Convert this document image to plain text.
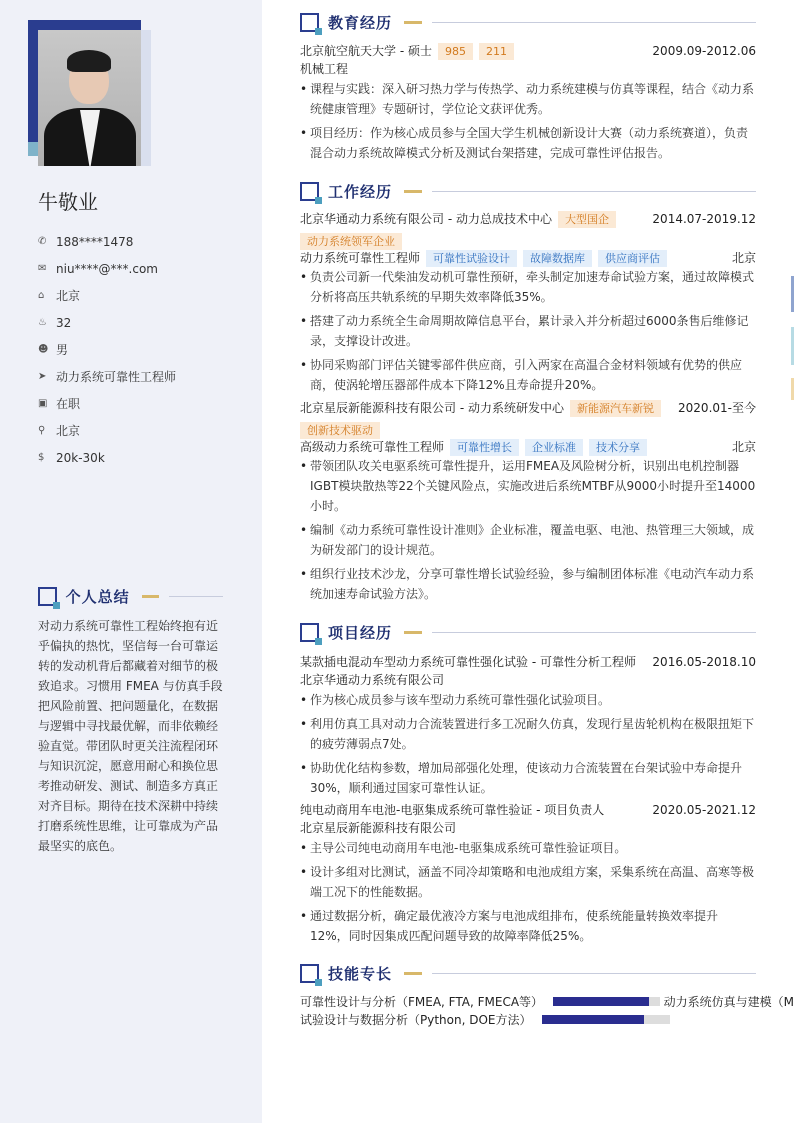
牛敬业
✆ 188****1478
✉ niu****@***.com
⌂ 北京
♨ 32
☻ 男
➤ 动力系统可靠性工程师
▣ 在职
⚲ 北京
$ 20k-30k
个人总结
对动力系统可靠性工程始终抱有近乎偏执的热忱，坚信每一台可靠运转的发动机背后都藏着对细节的极致追求。习惯用 FMEA 与仿真手段把风险前置、把问题量化，在数据与逻辑中寻找最优解，而非依赖经验直觉。带团队时更关注流程闭环与知识沉淀，愿意用耐心和换位思考推动研发、测试、制造多方真正对齐目标。期待在技术深耕中持续打磨系统性思维，让可靠成为产品最坚实的底色。
教育经历
北京航空航天大学 - 硕士 985 211	2009.09-2012.06
机械工程
• 课程与实践：深入研习热力学与传热学、动力系统建模与仿真等课程，结合《动力系统健康管理》专题研讨，学位论文获评优秀。
• 项目经历：作为核心成员参与全国大学生机械创新设计大赛（动力系统赛道），负责混合动力系统故障模式分析及测试台架搭建，完成可靠性评估报告。
工作经历
北京华通动力系统有限公司 - 动力总成技术中心 大型国企	2014.07-2019.12
动力系统领军企业
动力系统可靠性工程师 可靠性试验设计 故障数据库 供应商评估	北京
• 负责公司新一代柴油发动机可靠性预研，牵头制定加速寿命试验方案，通过故障模式分析将高压共轨系统的早期失效率降低35%。
• 搭建了动力系统全生命周期故障信息平台，累计录入并分析超过6000条售后维修记录，支撑设计改进。
• 协同采购部门评估关键零部件供应商，引入两家在高温合金材料领域有优势的供应商，使涡轮增压器部件成本下降12%且寿命提升20%。
北京星辰新能源科技有限公司 - 动力系统研发中心 新能源汽车新锐	2020.01-至今
创新技术驱动
高级动力系统可靠性工程师 可靠性增长 企业标准 技术分享	北京
• 带领团队攻关电驱系统可靠性提升，运用FMEA及风险树分析，识别出电机控制器IGBT模块散热等22个关键风险点，实施改进后系统MTBF从9000小时提升至14000小时。
• 编制《动力系统可靠性设计准则》企业标准，覆盖电驱、电池、热管理三大领域，成为研发部门的设计规范。
• 组织行业技术沙龙，分享可靠性增长试验经验，参与编制团体标准《电动汽车动力系统加速寿命试验方法》。
项目经历
某款插电混动车型动力系统可靠性强化试验 - 可靠性分析工程师 2016.05-2018.10
北京华通动力系统有限公司
• 作为核心成员参与该车型动力系统可靠性强化试验项目。
• 利用仿真工具对动力合流装置进行多工况耐久仿真，发现行星齿轮机构在极限扭矩下的疲劳薄弱点7处。
• 协助优化结构参数，增加局部强化处理，使该动力合流装置在台架试验中寿命提升30%，顺利通过国家可靠性认证。
纯电动商用车电池-电驱集成系统可靠性验证 - 项目负责人	2020.05-2021.12
北京星辰新能源科技有限公司
• 主导公司纯电动商用车电池-电驱集成系统可靠性验证项目。
• 设计多组对比测试，涵盖不同冷却策略和电池成组方案，采集系统在高温、高寒等极端工况下的性能数据。
• 通过数据分析，确定最优液冷方案与电池成组排布，使系统能量转换效率提升12%，同时因集成匹配问题导致的故障率降低25%。
技能专长
可靠性设计与分析（FMEA, FTA, FMECA等）	动力系统仿真与建模（M
试验设计与数据分析（Python, DOE方法）
